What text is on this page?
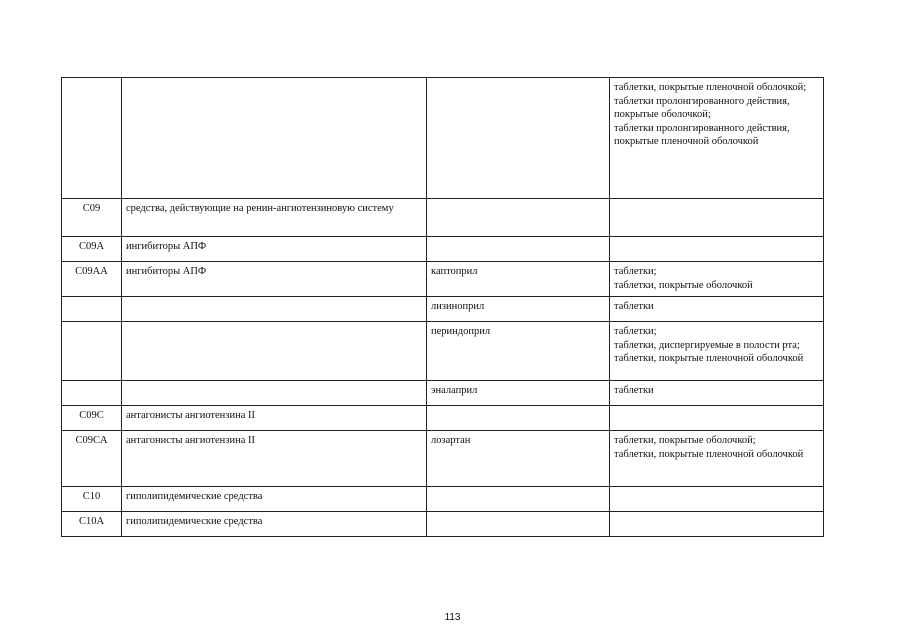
			таблетки, покрытые пленочной оболочкой;
таблетки пролонгированного действия, покрытые оболочкой;
таблетки пролонгированного действия, покрытые пленочной оболочкой

C09	средства, действующие на ренин-ангиотензиновую систему		
C09A	ингибиторы АПФ		
C09AA	ингибиторы АПФ	каптоприл	таблетки;
таблетки, покрытые оболочкой

		лизиноприл	таблетки

		периндоприл	таблетки;
таблетки, диспергируемые в полости рта;
таблетки, покрытые пленочной оболочкой

		эналаприл	таблетки

C09C	антагонисты ангиотензина II		
C09CA	антагонисты ангиотензина II	лозартан	таблетки, покрытые оболочкой;
таблетки, покрытые пленочной оболочкой

C10	гиполипидемические средства		
C10A	гиполипидемические средства		
113
